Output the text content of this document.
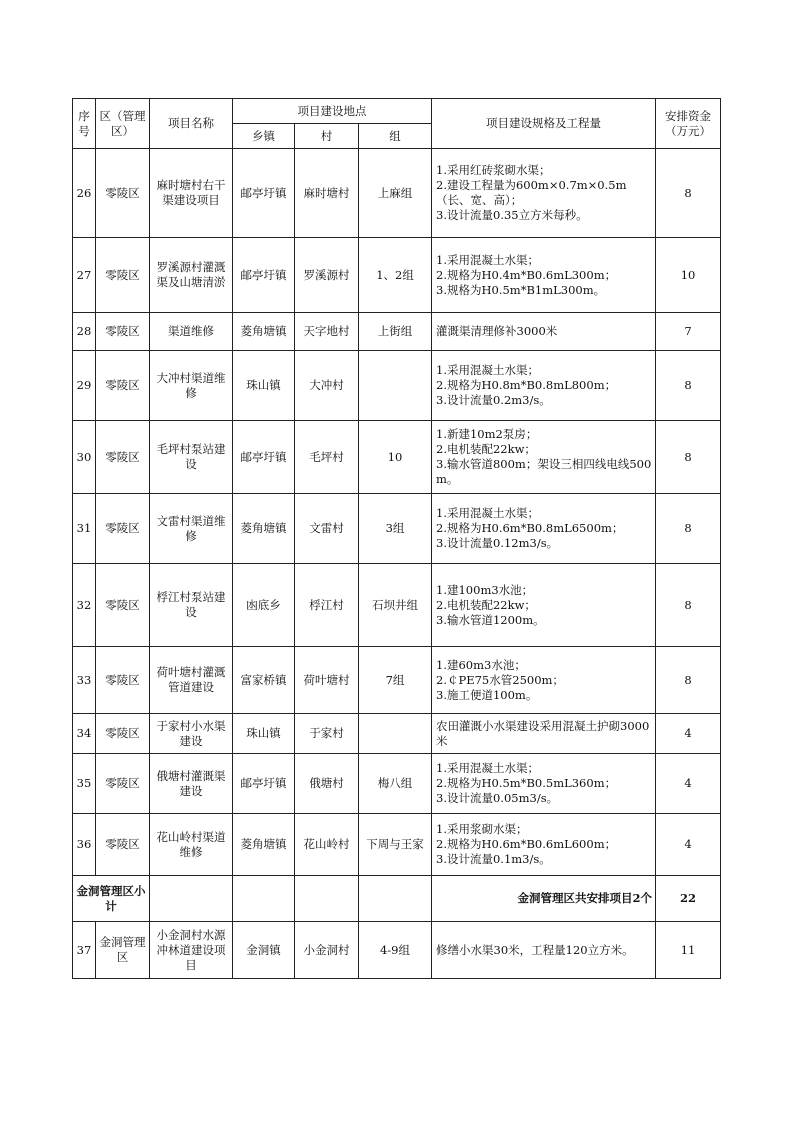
序号	区（管理区）	项目名称	项目建设地点			项目建设规格及工程量	安排资金（万元）
			乡镇	村	组		
26	零陵区	麻时塘村右干渠建设项目	邮亭圩镇	麻时塘村	上麻组	1.采用红砖浆砌水渠；
2.建设工程量为600m×0.7m×0.5m（长、宽、高）；
3.设计流量0.35立方米每秒。	8
27	零陵区	罗溪源村灌溉渠及山塘清淤	邮亭圩镇	罗溪源村	1、2组	1.采用混凝土水渠；
2.规格为H0.4m*B0.6mL300m；
3.规格为H0.5m*B1mL300m。	10
28	零陵区	渠道维修	菱角塘镇	天字地村	上街组	灌溉渠清理修补3000米	7
29	零陵区	大冲村渠道维修	珠山镇	大冲村		1.采用混凝土水渠；
2.规格为H0.8m*B0.8mL800m；
3.设计流量0.2m3/s。	8
30	零陵区	毛坪村泵站建设	邮亭圩镇	毛坪村	10	1.新建10m2泵房；
2.电机装配22kw；
3.输水管道800m；架设三相四线电线500m。	8
31	零陵区	文雷村渠道维修	菱角塘镇	文雷村	3组	1.采用混凝土水渠；
2.规格为H0.6m*B0.8mL6500m；
3.设计流量0.12m3/s。	8
32	零陵区	桴江村泵站建设	凼底乡	桴江村	石坝井组	1.建100m3水池；
2.电机装配22kw；
3.输水管道1200m。	8
33	零陵区	荷叶塘村灌溉管道建设	富家桥镇	荷叶塘村	7组	1.建60m3水池；
2.￠PE75水管2500m；
3.施工便道100m。	8
34	零陵区	于家村小水渠建设	珠山镇	于家村		农田灌溉小水渠建设采用混凝土护砌3000米	4
35	零陵区	俄塘村灌溉渠建设	邮亭圩镇	俄塘村	梅八组	1.采用混凝土水渠；
2.规格为H0.5m*B0.5mL360m；
3.设计流量0.05m3/s。	4
36	零陵区	花山岭村渠道维修	菱角塘镇	花山岭村	下周与王家	1.采用浆砌水渠；
2.规格为H0.6m*B0.6mL600m；
3.设计流量0.1m3/s。	4
金洞管理区小计						金洞管理区共安排项目2个	22
37	金洞管理区	小金洞村水源冲林道建设项目	金洞镇	小金洞村	4-9组	修缮小水渠30米，工程量120立方米。	11
